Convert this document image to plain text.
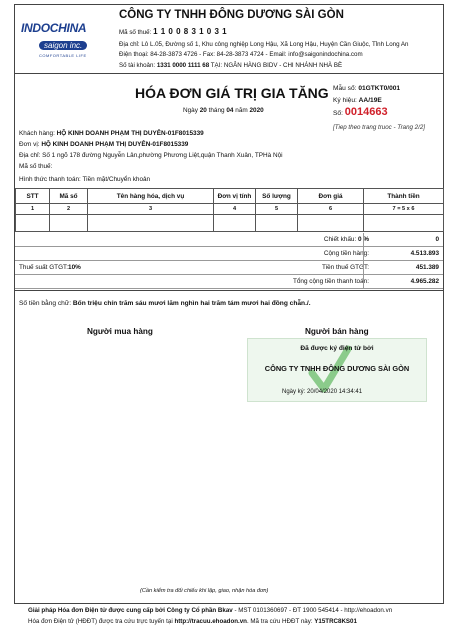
INDOCHINA
saigon inc.
COMFORTABLE LIFE
CÔNG TY TNHH ĐÔNG DƯƠNG SÀI GÒN
Mã số thuế: 1 1 0 0 8 3 1 0 3 1
Địa chỉ: Lô L.05, Đường số 1, Khu công nghiệp Long Hậu, Xã Long Hậu, Huyện Cần Giuộc, Tỉnh Long An
Điện thoại: 84-28-3873 4726 - Fax: 84-28-3873 4724 - Email: info@saigonindochina.com
Số tài khoản: 1331 0000 1111 68 TẠI: NGÂN HÀNG BIDV - CHI NHÁNH NHÀ BÈ
HÓA ĐƠN GIÁ TRỊ GIA TĂNG
Ngày 20 tháng 04 năm 2020
Mẫu số: 01GTKT0/001
Ký hiệu: AA/19E
Số: 0014663
[Tiep theo trang truoc - Trang 2/2]
Khách hàng: HỘ KINH DOANH PHẠM THỊ DUYÊN-01F8015339
Đơn vị: HỘ KINH DOANH PHẠM THỊ DUYÊN-01F8015339
Địa chỉ: Số 1 ngõ 178 đường Nguyễn Lân,phường Phương Liệt,quận Thanh Xuân, TPHà Nội
Mã số thuế:
Hình thức thanh toán: Tiền mặt/Chuyển khoản
STT	Mã số	Tên hàng hóa, dịch vụ	Đơn vị tính	Số lượng	Đơn giá	Thành tiền
1	2	3	4	5	6	7 = 5 x 6

Chiết khấu: 0 %	0
Cộng tiền hàng:	4.513.893
Thuế suất GTGT:10%	Tiền thuế GTGT:	451.389
Tổng cộng tiền thanh toán:	4.965.282
Số tiền bằng chữ: Bốn triệu chín trăm sáu mươi lăm nghìn hai trăm tám mươi hai đồng chẵn./.
Người mua hàng	Người bán hàng
Đã được ký điện tử bởi
CÔNG TY TNHH ĐÔNG DƯƠNG SÀI GÒN
Ngày ký: 20/04/2020 14:34:41
(Cần kiểm tra đối chiếu khi lập, giao, nhận hóa đơn)
Giải pháp Hóa đơn Điện tử được cung cấp bởi Công ty Cổ phần Bkav - MST 0101360697 - ĐT 1900 545414 - http://ehoadon.vn
Hóa đơn Điện tử (HĐĐT) được tra cứu trực tuyến tại http://tracuu.ehoadon.vn. Mã tra cứu HĐĐT này: Y15TRC8KS01
